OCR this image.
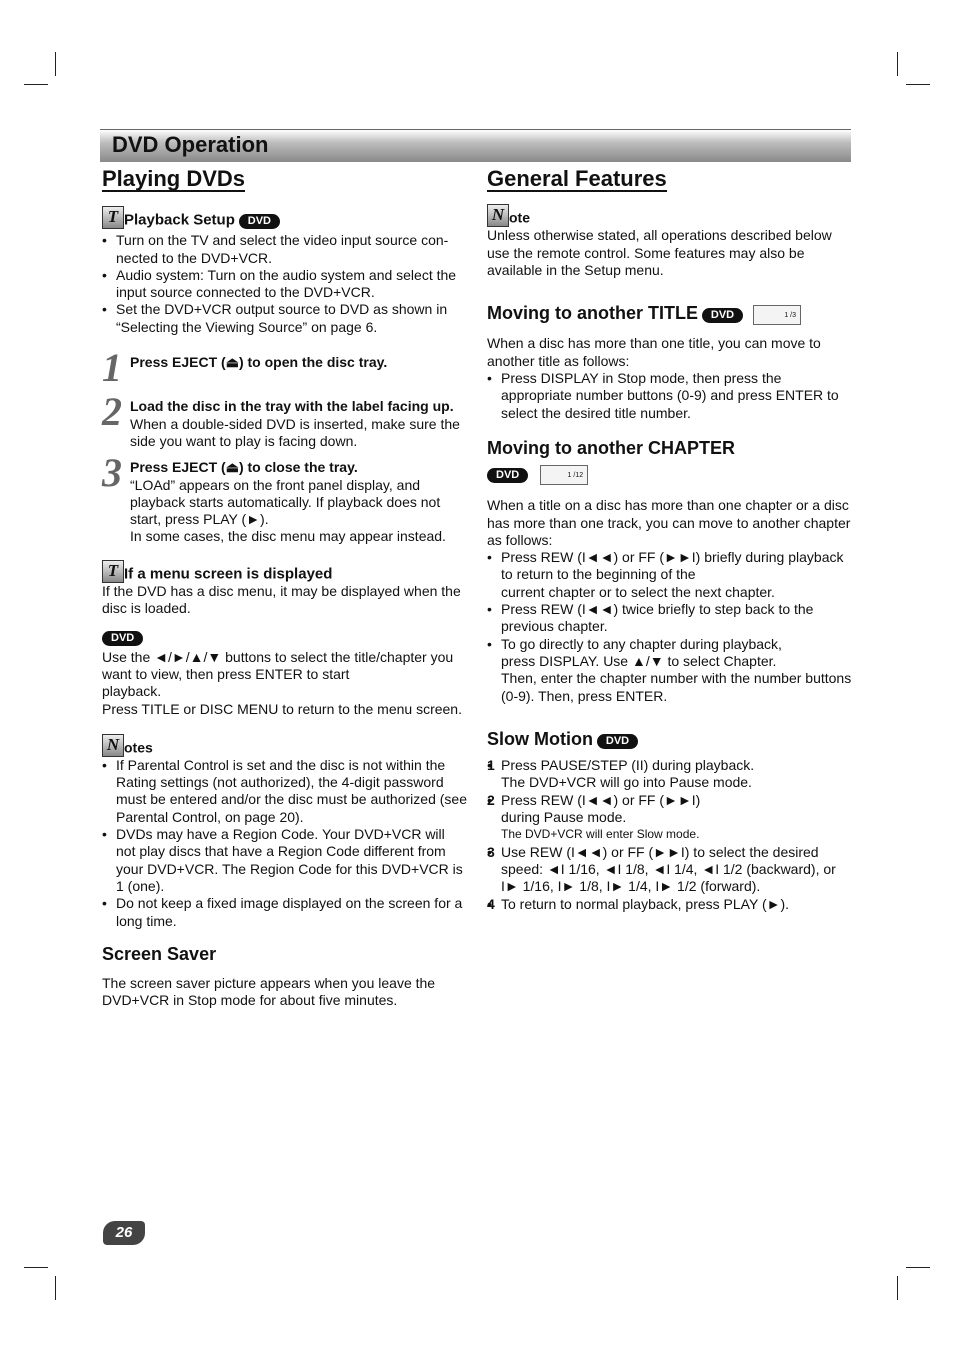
DVD Operation
Playing DVDs
T Playback Setup DVD
• Turn on the TV and select the video input source con-nected to the DVD+VCR.
• Audio system: Turn on the audio system and select the input source connected to the DVD+VCR.
• Set the DVD+VCR output source to DVD as shown in “Selecting the Viewing Source” on page 6.
1 Press EJECT (⏏) to open the disc tray.
2 Load the disc in the tray with the label facing up.
When a double-sided DVD is inserted, make sure the side you want to play is facing down.
3 Press EJECT (⏏) to close the tray.
“LOAd” appears on the front panel display, and playback starts automatically. If playback does not start, press PLAY (►).
In some cases, the disc menu may appear instead.
T If a menu screen is displayed
If the DVD has a disc menu, it may be displayed when the disc is loaded.
DVD
Use the ◄/►/▲/▼ buttons to select the title/chapter you want to view, then press ENTER to start
playback.
Press TITLE or DISC MENU to return to the menu screen.
N otes
• If Parental Control is set and the disc is not within the Rating settings (not authorized), the 4-digit password must be entered and/or the disc must be authorized (see Parental Control, on page 20).
• DVDs may have a Region Code. Your DVD+VCR will not play discs that have a Region Code different from your DVD+VCR. The Region Code for this DVD+VCR is 1 (one).
• Do not keep a fixed image displayed on the screen for a long time.
Screen Saver
The screen saver picture appears when you leave the DVD+VCR in Stop mode for about five minutes.
General Features
N ote
Unless otherwise stated, all operations described below use the remote control. Some features may also be available in the Setup menu.
Moving to another TITLE DVD	1 /3
When a disc has more than one title, you can move to another title as follows:
• Press DISPLAY in Stop mode, then press the appropriate number buttons (0-9) and press ENTER to select the desired title number.
Moving to another CHAPTER
DVD	1 /12
When a title on a disc has more than one chapter or a disc has more than one track, you can move to another chapter as follows:
• Press REW (I◄◄) or FF (►►I) briefly during playback to return to the beginning of the
current chapter or to select the next chapter.
• Press REW (I◄◄) twice briefly to step back to the previous chapter.
• To go directly to any chapter during playback,
press DISPLAY. Use ▲/▼ to select Chapter.
Then, enter the chapter number with the number buttons (0-9). Then, press ENTER.
Slow Motion DVD
• 1 Press PAUSE/STEP (II) during playback.
The DVD+VCR will go into Pause mode.
• 2 Press REW (I◄◄) or FF (►►I)
during Pause mode.
The DVD+VCR will enter Slow mode.
• 3 Use REW (I◄◄) or FF (►►I) to select the desired speed: ◄I 1/16, ◄I 1/8, ◄I 1/4, ◄I 1/2 (backward), or I► 1/16, I► 1/8, I► 1/4, I► 1/2 (forward).
• 4 To return to normal playback, press PLAY (►).
26
